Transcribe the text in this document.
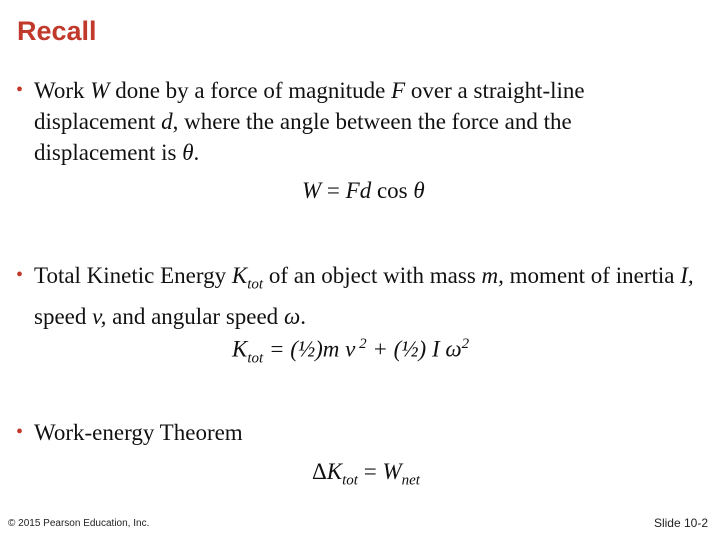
Recall
• Work W done by a force of magnitude F over a straight-line displacement d, where the angle between the force and the displacement is θ.
W = Fd cos θ
• Total Kinetic Energy $K_{tot}$ of an object with mass m, moment of inertia I, speed v, and angular speed ω.
$K_{tot}$ = (½)m v $^2$ + (½) I $\omega^2$
• Work-energy Theorem
$\Delta K_{tot} = W_{net}$
© 2015 Pearson Education, Inc.	Slide 10-2
